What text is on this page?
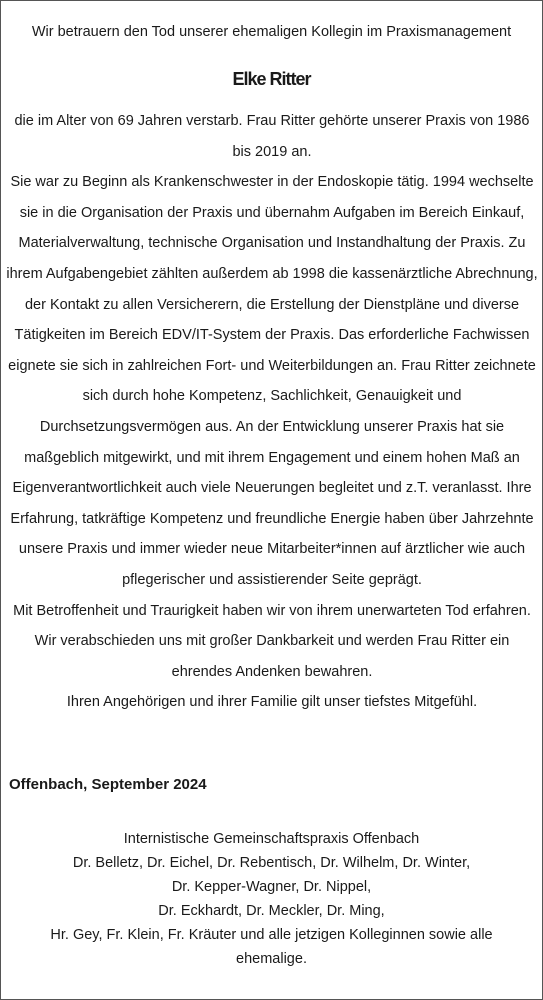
Wir betrauern den Tod unserer ehemaligen Kollegin im Praxismanagement
Elke Ritter

die im Alter von 69 Jahren verstarb. Frau Ritter gehörte unserer Praxis von 1986 bis 2019 an.

Sie war zu Beginn als Krankenschwester in der Endoskopie tätig. 1994 wechselte sie in die Organisation der Praxis und übernahm Aufgaben im Bereich Einkauf, Materialverwaltung, technische Organisation und Instandhaltung der Praxis. Zu ihrem Aufgabengebiet zählten außerdem ab 1998 die kassenärztliche Abrechnung, der Kontakt zu allen Versicherern, die Erstellung der Dienstpläne und diverse Tätigkeiten im Bereich EDV/IT-System der Praxis. Das erforderliche Fachwissen eignete sie sich in zahlreichen Fort- und Weiterbildungen an. Frau Ritter zeichnete sich durch hohe Kompetenz, Sachlichkeit, Genauigkeit und Durchsetzungsvermögen aus. An der Entwicklung unserer Praxis hat sie maßgeblich mitgewirkt, und mit ihrem Engagement und einem hohen Maß an Eigenverantwortlichkeit auch viele Neuerungen begleitet und z.T. veranlasst. Ihre Erfahrung, tatkräftige Kompetenz und freundliche Energie haben über Jahrzehnte unsere Praxis und immer wieder neue Mitarbeiter*innen auf ärztlicher wie auch pflegerischer und assistierender Seite geprägt.

Mit Betroffenheit und Traurigkeit haben wir von ihrem unerwarteten Tod erfahren. Wir verabschieden uns mit großer Dankbarkeit und werden Frau Ritter ein ehrendes Andenken bewahren.

Ihren Angehörigen und ihrer Familie gilt unser tiefstes Mitgefühl.

Offenbach, September 2024
Internistische Gemeinschaftspraxis Offenbach
Dr. Belletz, Dr. Eichel, Dr. Rebentisch, Dr. Wilhelm, Dr. Winter,
Dr. Kepper-Wagner, Dr. Nippel,
Dr. Eckhardt, Dr. Meckler, Dr. Ming,
Hr. Gey, Fr. Klein, Fr. Kräuter und alle jetzigen Kolleginnen sowie alle
ehemalige.
